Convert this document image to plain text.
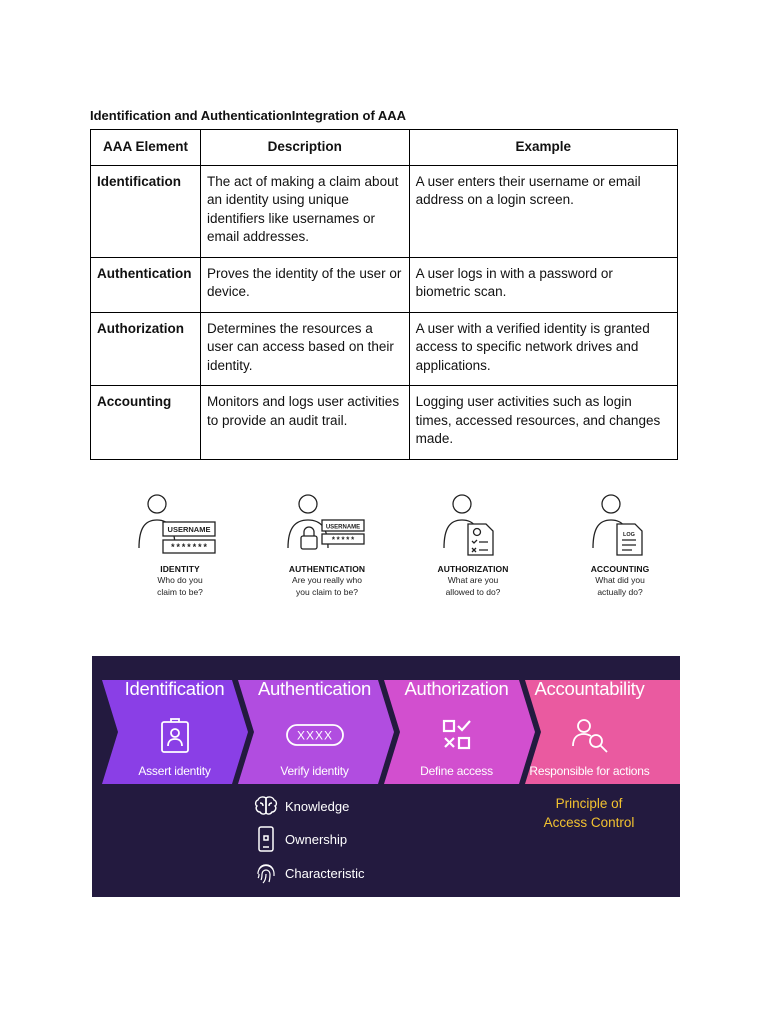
Identification and AuthenticationIntegration of AAA
AAA Element	Description	Example
Identification	The act of making a claim about an identity using unique identifiers like usernames or email addresses.	A user enters their username or email address on a login screen.
Authentication	Proves the identity of the user or device.	A user logs in with a password or biometric scan.
Authorization	Determines the resources a user can access based on their identity.	A user with a verified identity is granted access to specific network drives and applications.
Accounting	Monitors and logs user activities to provide an audit trail.	Logging user activities such as login times, accessed resources, and changes made.
USERNAME
*******
IDENTITY
Who do you
claim to be?
USERNAME
*****
AUTHENTICATION
Are you really who
you claim to be?
AUTHORIZATION
What are you
allowed to do?
LOG
ACCOUNTING
What did you
actually do?
Identification
Assert identity
Authentication
XXXX
Verify identity
Authorization
Define access
Accountability
Responsible for actions
Knowledge
Ownership
Characteristic
Principle of
Access Control
